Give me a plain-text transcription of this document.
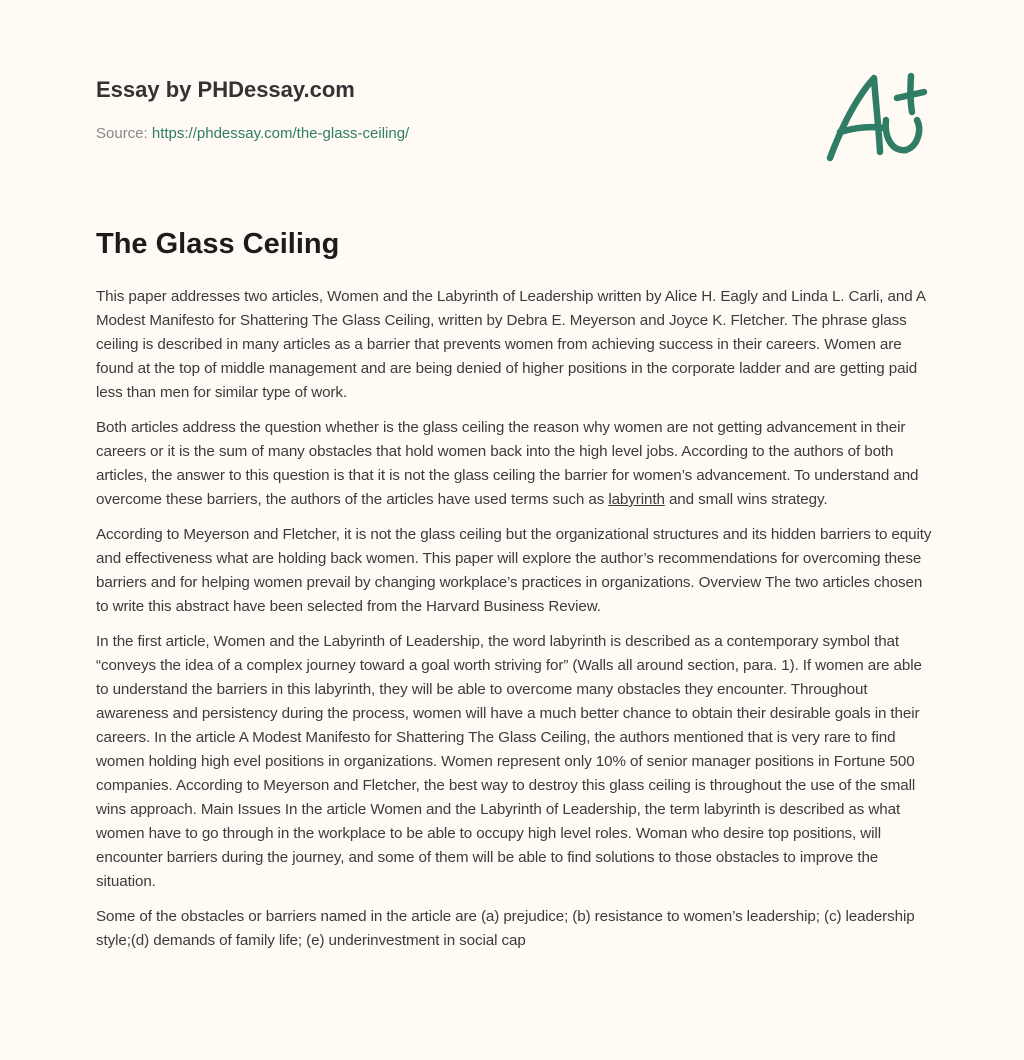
Essay by PHDessay.com
Source: https://phdessay.com/the-glass-ceiling/
The Glass Ceiling

This paper addresses two articles, Women and the Labyrinth of Leadership written by Alice H. Eagly and Linda L. Carli, and A Modest Manifesto for Shattering The Glass Ceiling, written by Debra E. Meyerson and Joyce K. Fletcher. The phrase glass ceiling is described in many articles as a barrier that prevents women from achieving success in their careers. Women are found at the top of middle management and are being denied of higher positions in the corporate ladder and are getting paid less than men for similar type of work.

Both articles address the question whether is the glass ceiling the reason why women are not getting advancement in their careers or it is the sum of many obstacles that hold women back into the high level jobs. According to the authors of both articles, the answer to this question is that it is not the glass ceiling the barrier for women’s advancement. To understand and overcome these barriers, the authors of the articles have used terms such as labyrinth and small wins strategy.

According to Meyerson and Fletcher, it is not the glass ceiling but the organizational structures and its hidden barriers to equity and effectiveness what are holding back women. This paper will explore the author’s recommendations for overcoming these barriers and for helping women prevail by changing workplace’s practices in organizations. Overview The two articles chosen to write this abstract have been selected from the Harvard Business Review.

In the first article, Women and the Labyrinth of Leadership, the word labyrinth is described as a contemporary symbol that “conveys the idea of a complex journey toward a goal worth striving for” (Walls all around section, para. 1). If women are able to understand the barriers in this labyrinth, they will be able to overcome many obstacles they encounter. Throughout awareness and persistency during the process, women will have a much better chance to obtain their desirable goals in their careers. In the article A Modest Manifesto for Shattering The Glass Ceiling, the authors mentioned that is very rare to find women holding high evel positions in organizations. Women represent only 10% of senior manager positions in Fortune 500 companies. According to Meyerson and Fletcher, the best way to destroy this glass ceiling is throughout the use of the small wins approach. Main Issues In the article Women and the Labyrinth of Leadership, the term labyrinth is described as what women have to go through in the workplace to be able to occupy high level roles. Woman who desire top positions, will encounter barriers during the journey, and some of them will be able to find solutions to those obstacles to improve the situation.

Some of the obstacles or barriers named in the article are (a) prejudice; (b) resistance to women’s leadership; (c) leadership style;(d) demands of family life; (e) underinvestment in social cap
